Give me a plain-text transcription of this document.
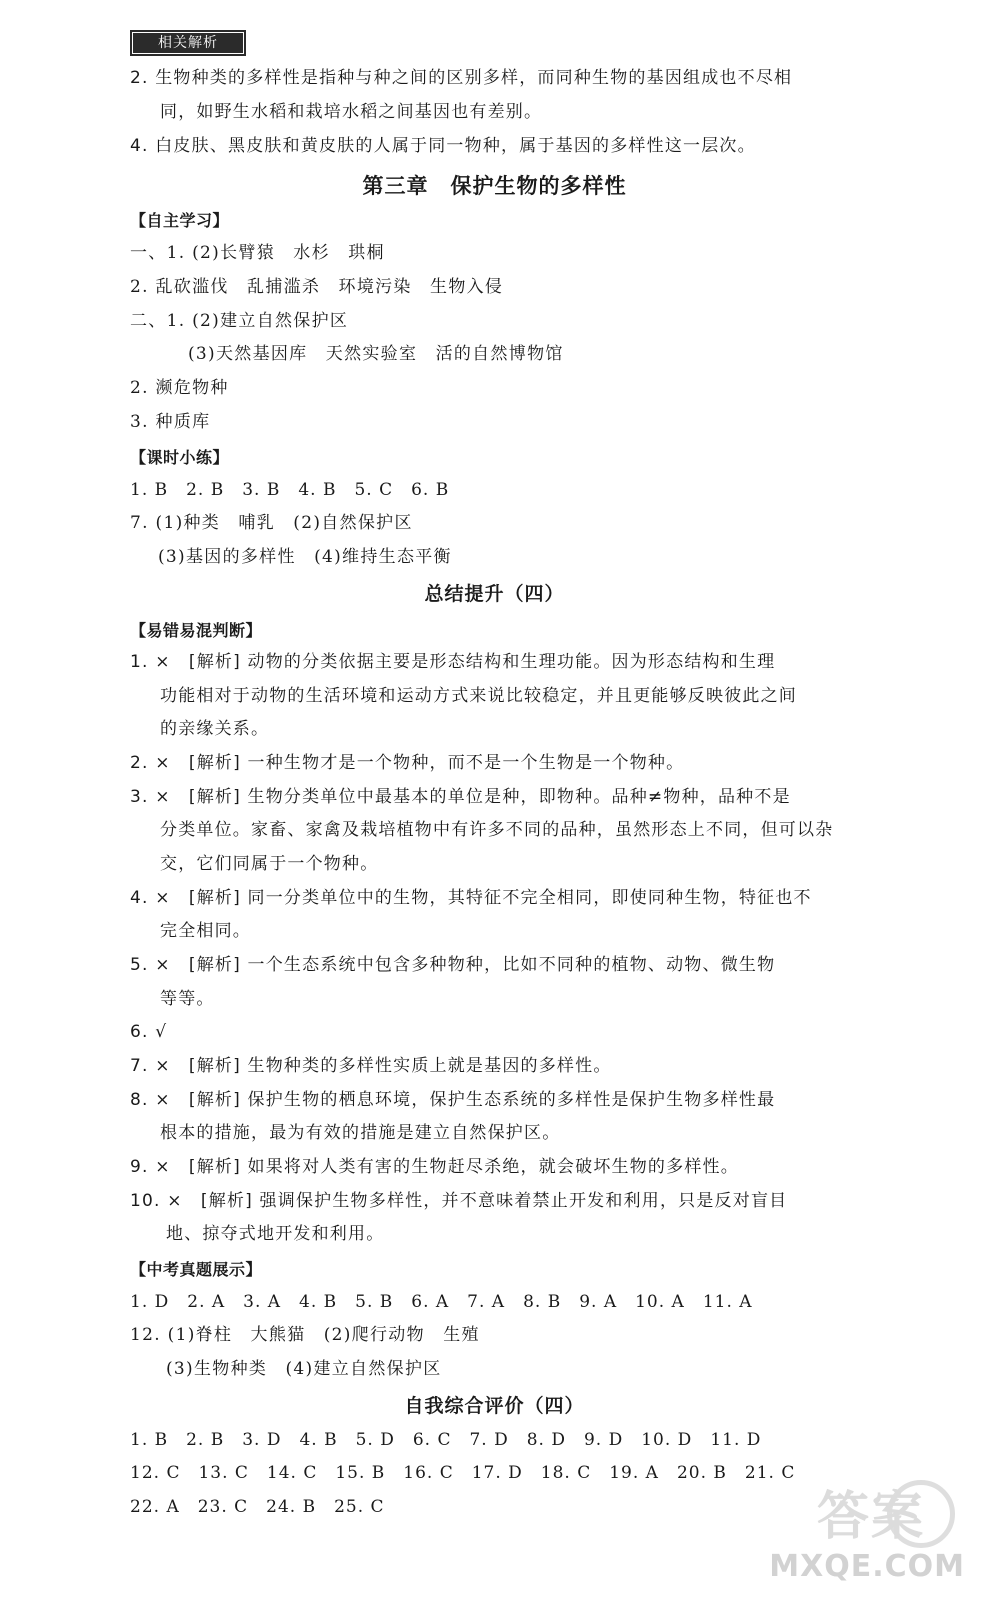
相关解析
2. 生物种类的多样性是指种与种之间的区别多样，而同种生物的基因组成也不尽相
同，如野生水稻和栽培水稻之间基因也有差别。
4. 白皮肤、黑皮肤和黄皮肤的人属于同一物种，属于基因的多样性这一层次。
第三章　保护生物的多样性
【自主学习】
一、1. (2)长臂猿　水杉　珙桐
2. 乱砍滥伐　乱捕滥杀　环境污染　生物入侵
二、1. (2)建立自然保护区
(3)天然基因库　天然实验室　活的自然博物馆
2. 濒危物种
3. 种质库
【课时小练】
1. B　2. B　3. B　4. B　5. C　6. B
7. (1)种类　哺乳　(2)自然保护区
(3)基因的多样性　(4)维持生态平衡
总结提升（四）
【易错易混判断】
1. ×　[解析] 动物的分类依据主要是形态结构和生理功能。因为形态结构和生理
功能相对于动物的生活环境和运动方式来说比较稳定，并且更能够反映彼此之间
的亲缘关系。
2. ×　[解析] 一种生物才是一个物种，而不是一个生物是一个物种。
3. ×　[解析] 生物分类单位中最基本的单位是种，即物种。品种≠物种，品种不是
分类单位。家畜、家禽及栽培植物中有许多不同的品种，虽然形态上不同，但可以杂
交，它们同属于一个物种。
4. ×　[解析] 同一分类单位中的生物，其特征不完全相同，即使同种生物，特征也不
完全相同。
5. ×　[解析] 一个生态系统中包含多种物种，比如不同种的植物、动物、微生物
等等。
6. √
7. ×　[解析] 生物种类的多样性实质上就是基因的多样性。
8. ×　[解析] 保护生物的栖息环境，保护生态系统的多样性是保护生物多样性最
根本的措施，最为有效的措施是建立自然保护区。
9. ×　[解析] 如果将对人类有害的生物赶尽杀绝，就会破坏生物的多样性。
10. ×　[解析] 强调保护生物多样性，并不意味着禁止开发和利用，只是反对盲目
地、掠夺式地开发和利用。
【中考真题展示】
1. D　2. A　3. A　4. B　5. B　6. A　7. A　8. B　9. A　10. A　11. A
12. (1)脊柱　大熊猫　(2)爬行动物　生殖
(3)生物种类　(4)建立自然保护区
自我综合评价（四）
1. B　2. B　3. D　4. B　5. D　6. C　7. D　8. D　9. D　10. D　11. D
12. C　13. C　14. C　15. B　16. C　17. D　18. C　19. A　20. B　21. C
22. A　23. C　24. B　25. C	答案
MXQE.COM
